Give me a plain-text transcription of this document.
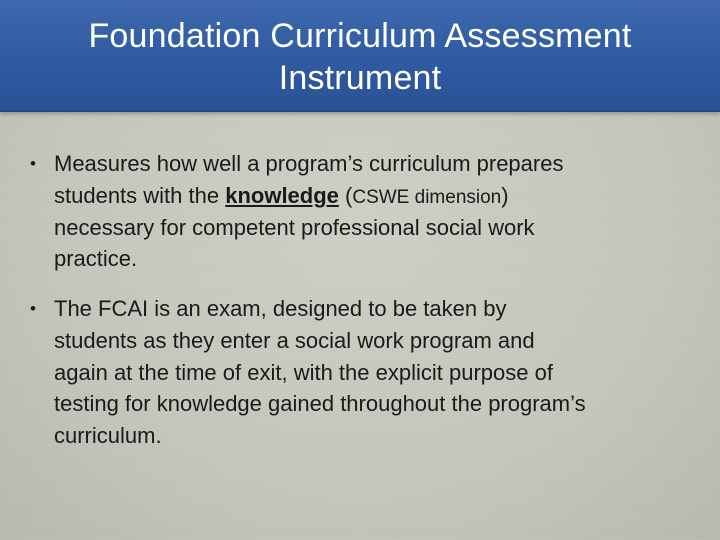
Foundation Curriculum Assessment
Instrument
• Measures how well a program’s curriculum prepares
students with the knowledge (CSWE dimension)
necessary for competent professional social work
practice.
• The FCAI is an exam, designed to be taken by
students as they enter a social work program and
again at the time of exit, with the explicit purpose of
testing for knowledge gained throughout the program’s
curriculum.
